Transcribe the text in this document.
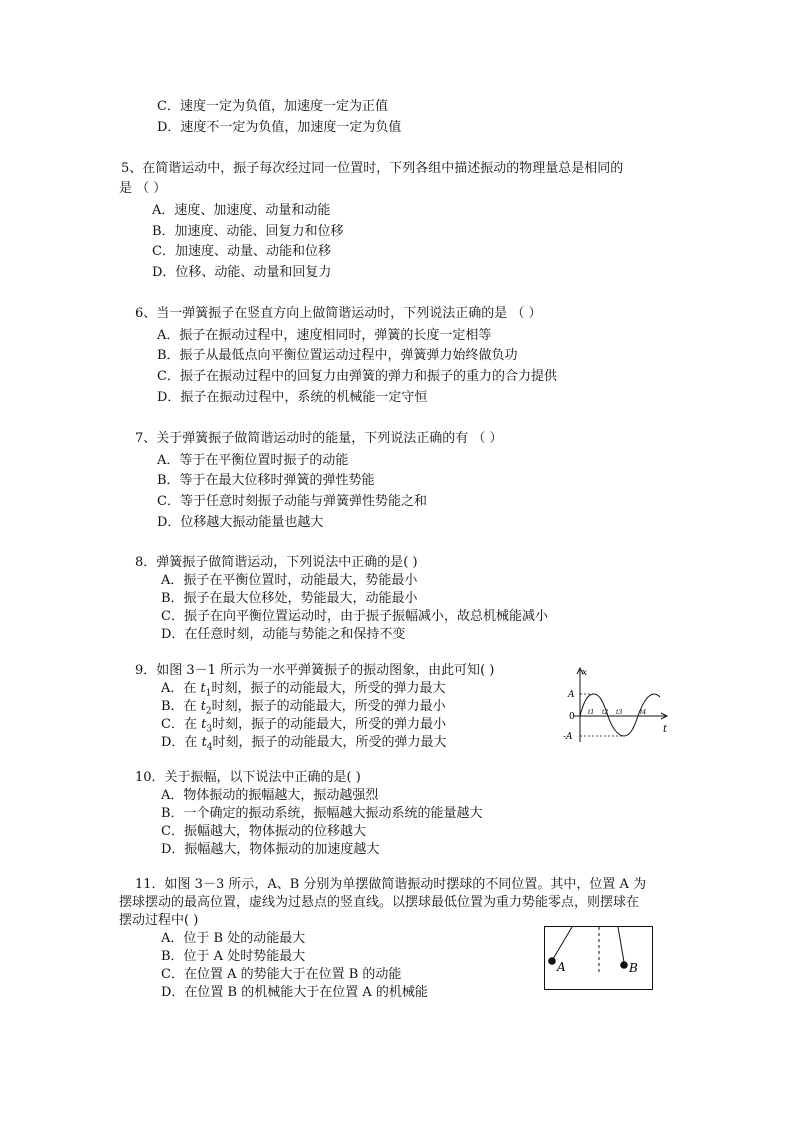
C．速度一定为负值，加速度一定为正值
D．速度不一定为负值，加速度一定为负值
5、在简谐运动中，振子每次经过同一位置时，下列各组中描述振动的物理量总是相同的
是 （ ）
A．速度、加速度、动量和动能
B．加速度、动能、回复力和位移
C．加速度、动量、动能和位移
D．位移、动能、动量和回复力
6、当一弹簧振子在竖直方向上做简谐运动时，下列说法正确的是 （ ）
A．振子在振动过程中，速度相同时，弹簧的长度一定相等
B．振子从最低点向平衡位置运动过程中，弹簧弹力始终做负功
C．振子在振动过程中的回复力由弹簧的弹力和振子的重力的合力提供
D．振子在振动过程中，系统的机械能一定守恒
7、关于弹簧振子做简谐运动时的能量，下列说法正确的有 （ ）
A．等于在平衡位置时振子的动能
B．等于在最大位移时弹簧的弹性势能
C．等于任意时刻振子动能与弹簧弹性势能之和
D．位移越大振动能量也越大
8．弹簧振子做简谐运动，下列说法中正确的是( )
A．振子在平衡位置时，动能最大，势能最小
B．振子在最大位移处，势能最大，动能最小
C．振子在向平衡位置运动时，由于振子振幅减小，故总机械能减小
D．在任意时刻，动能与势能之和保持不变
9．如图 3－1 所示为一水平弹簧振子的振动图象，由此可知( )
A．在 $t_1$时刻，振子的动能最大，所受的弹力最大
B．在 $t_2$时刻，振子的动能最大，所受的弹力最小
C．在 $t_3$时刻，振子的动能最大，所受的弹力最小
D．在 $t_4$时刻，振子的动能最大，所受的弹力最大
x
t
A
0
-A
t1 t2 t3	t4
10．关于振幅，以下说法中正确的是( )
A．物体振动的振幅越大，振动越强烈
B．一个确定的振动系统，振幅越大振动系统的能量越大
C．振幅越大，物体振动的位移越大
D．振幅越大，物体振动的加速度越大
11．如图 3－3 所示，A、B 分别为单摆做简谐振动时摆球的不同位置。其中，位置 A 为
摆球摆动的最高位置，虚线为过悬点的竖直线。以摆球最低位置为重力势能零点，则摆球在
摆动过程中( )
A．位于 B 处的动能最大
B．位于 A 处时势能最大
C．在位置 A 的势能大于在位置 B 的动能
D．在位置 B 的机械能大于在位置 A 的机械能
A	B
